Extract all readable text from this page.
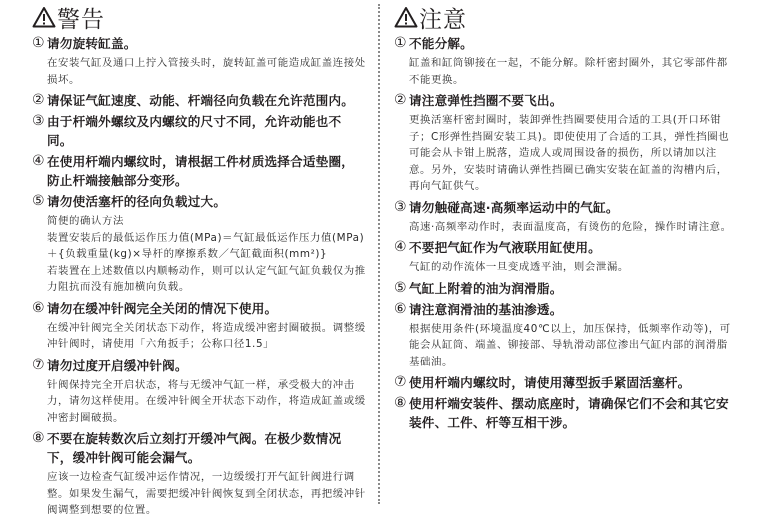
警告
① 请勿旋转缸盖。

在安装气缸及通口上拧入管接头时，旋转缸盖可能造成缸盖连接处损坏。

② 请保证气缸速度、动能、杆端径向负载在允许范围内。
③ 由于杆端外螺纹及内螺纹的尺寸不同，允许动能也不同。
④ 在使用杆端内螺纹时，请根据工件材质选择合适垫圈，防止杆端接触部分变形。
⑤ 请勿使活塞杆的径向负载过大。

简便的确认方法

装置安装后的最低运作压力值(MPa)＝气缸最低运作压力值(MPa)＋{负载重量(kg)×导杆的摩擦系数／气缸截面积(mm²)}

若装置在上述数值以内顺畅动作，则可以认定气缸气缸负载仅为推力阻抗而没有施加横向负载。

⑥ 请勿在缓冲针阀完全关闭的情况下使用。

在缓冲针阀完全关闭状态下动作，将造成缓冲密封圈破损。调整缓冲针阀时，请使用「六角扳手；公称口径1.5」

⑦ 请勿过度开启缓冲针阀。

针阀保持完全开启状态，将与无缓冲气缸一样，承受极大的冲击力，请勿这样使用。在缓冲针阀全开状态下动作，将造成缸盖或缓冲密封圈破损。

⑧ 不要在旋转数次后立刻打开缓冲气阀。在极少数情况下，缓冲针阀可能会漏气。

应该一边检查气缸缓冲运作情况，一边缓缓打开气缸针阀进行调整。如果发生漏气，需要把缓冲针阀恢复到全闭状态，再把缓冲针阀调整到想要的位置。

注意
① 不能分解。

缸盖和缸筒铆接在一起，不能分解。除杆密封圈外，其它零部件都不能更换。

② 请注意弹性挡圈不要飞出。

更换活塞杆密封圈时，装卸弹性挡圈要使用合适的工具(开口环钳子；C形弹性挡圈安装工具)。即使使用了合适的工具，弹性挡圈也可能会从卡钳上脱落，造成人或周围设备的损伤，所以请加以注意。另外，安装时请确认弹性挡圈已确实安装在缸盖的沟槽内后，再向气缸供气。

③ 请勿触碰高速·高频率运动中的气缸。

高速·高频率动作时，表面温度高，有烫伤的危险，操作时请注意。

④ 不要把气缸作为气液联用缸使用。

气缸的动作流体一旦变成透平油，则会泄漏。

⑤ 气缸上附着的油为润滑脂。
⑥ 请注意润滑油的基油渗透。

根据使用条件(环境温度40℃以上，加压保持，低频率作动等)，可能会从缸筒、端盖、铆接部、导轨滑动部位渗出气缸内部的润滑脂基础油。

⑦ 使用杆端内螺纹时，请使用薄型扳手紧固活塞杆。
⑧ 使用杆端安装件、摆动底座时，请确保它们不会和其它安装件、工件、杆等互相干涉。
